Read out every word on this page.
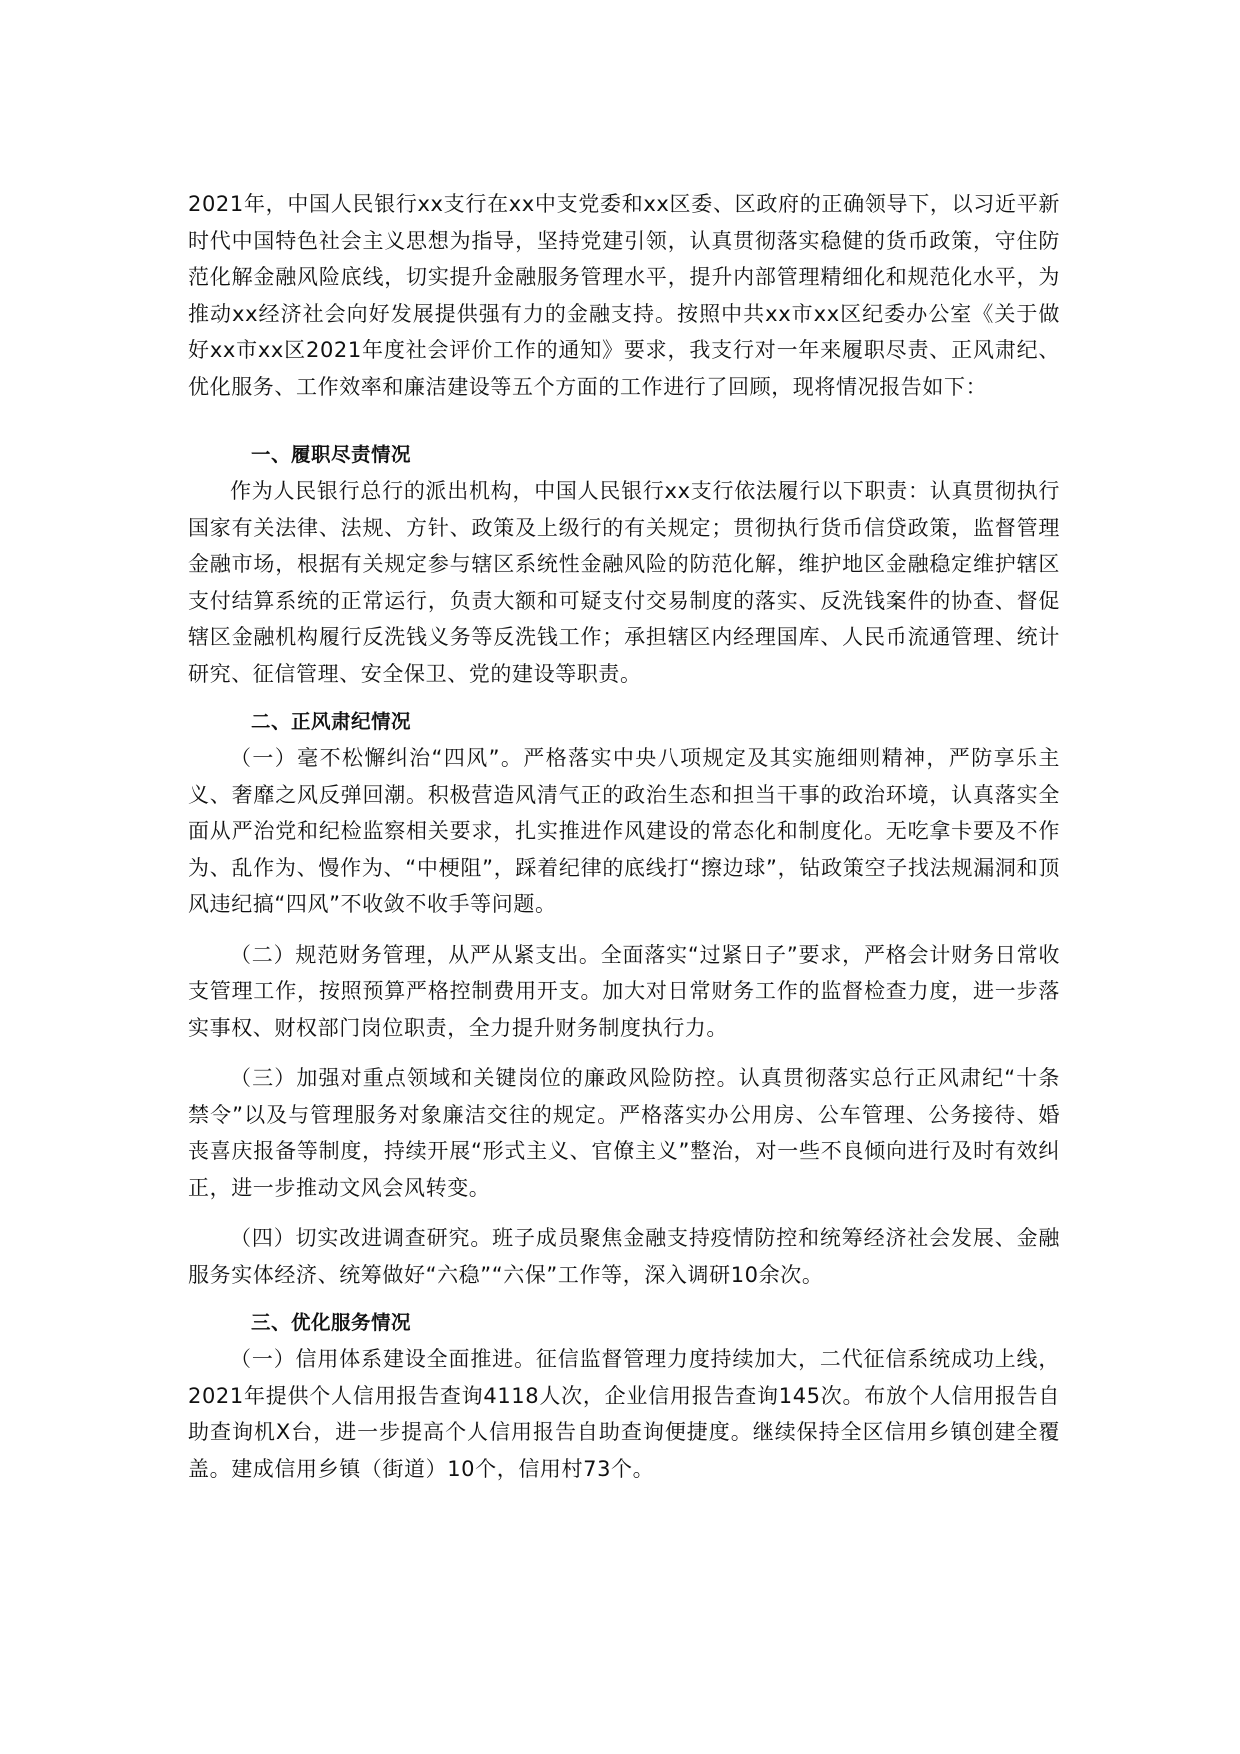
2021年，中国人民银行xx支行在xx中支党委和xx区委、区政府的正确领导下，以习近平新时代中国特色社会主义思想为指导，坚持党建引领，认真贯彻落实稳健的货币政策，守住防范化解金融风险底线，切实提升金融服务管理水平，提升内部管理精细化和规范化水平，为推动xx经济社会向好发展提供强有力的金融支持。按照中共xx市xx区纪委办公室《关于做好xx市xx区2021年度社会评价工作的通知》要求，我支行对一年来履职尽责、正风肃纪、优化服务、工作效率和廉洁建设等五个方面的工作进行了回顾，现将情况报告如下：

一、履职尽责情况

作为人民银行总行的派出机构，中国人民银行xx支行依法履行以下职责：认真贯彻执行国家有关法律、法规、方针、政策及上级行的有关规定；贯彻执行货币信贷政策，监督管理金融市场，根据有关规定参与辖区系统性金融风险的防范化解，维护地区金融稳定维护辖区支付结算系统的正常运行，负责大额和可疑支付交易制度的落实、反洗钱案件的协查、督促辖区金融机构履行反洗钱义务等反洗钱工作；承担辖区内经理国库、人民币流通管理、统计研究、征信管理、安全保卫、党的建设等职责。

二、正风肃纪情况

（一）毫不松懈纠治“四风”。严格落实中央八项规定及其实施细则精神，严防享乐主义、奢靡之风反弹回潮。积极营造风清气正的政治生态和担当干事的政治环境，认真落实全面从严治党和纪检监察相关要求，扎实推进作风建设的常态化和制度化。无吃拿卡要及不作为、乱作为、慢作为、“中梗阻”，踩着纪律的底线打“擦边球”，钻政策空子找法规漏洞和顶风违纪搞“四风”不收敛不收手等问题。

（二）规范财务管理，从严从紧支出。全面落实“过紧日子”要求，严格会计财务日常收支管理工作，按照预算严格控制费用开支。加大对日常财务工作的监督检查力度，进一步落实事权、财权部门岗位职责，全力提升财务制度执行力。

（三）加强对重点领域和关键岗位的廉政风险防控。认真贯彻落实总行正风肃纪“十条禁令”以及与管理服务对象廉洁交往的规定。严格落实办公用房、公车管理、公务接待、婚丧喜庆报备等制度，持续开展“形式主义、官僚主义”整治，对一些不良倾向进行及时有效纠正，进一步推动文风会风转变。

（四）切实改进调查研究。班子成员聚焦金融支持疫情防控和统筹经济社会发展、金融服务实体经济、统筹做好“六稳”“六保”工作等，深入调研10余次。

三、优化服务情况

（一）信用体系建设全面推进。征信监督管理力度持续加大，二代征信系统成功上线，2021年提供个人信用报告查询4118人次，企业信用报告查询145次。布放个人信用报告自助查询机X台，进一步提高个人信用报告自助查询便捷度。继续保持全区信用乡镇创建全覆盖。建成信用乡镇（街道）10个，信用村73个。
